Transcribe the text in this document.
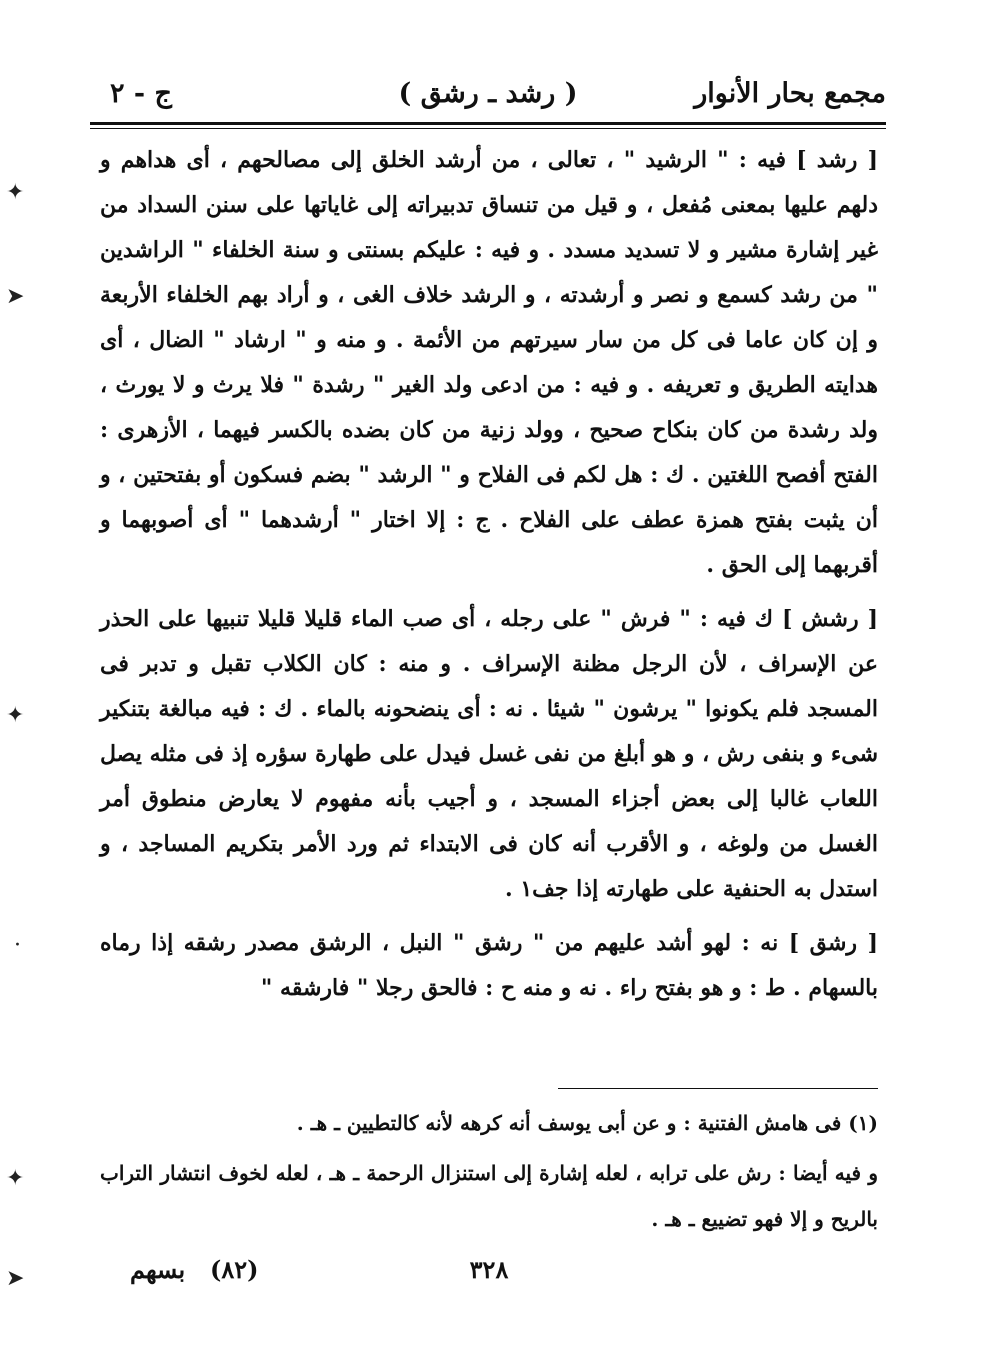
مجمع بحار الأنوار
( رشد ـ رشق )
ج - ٢

[ رشد ] فيه : " الرشيد " ، تعالى ، من أرشد الخلق إلى مصالحهم ، أى هداهم و دلهم عليها بمعنى مُفعل ، و قيل من تنساق تدبيراته إلى غاياتها على سنن السداد من غير إشارة مشير و لا تسديد مسدد . و فيه : عليكم بسنتى و سنة الخلفاء " الراشدين " من رشد كسمع و نصر و أرشدته ، و الرشد خلاف الغى ، و أراد بهم الخلفاء الأربعة و إن كان عاما فى كل من سار سيرتهم من الأئمة . و منه و " ارشاد " الضال ، أى هدايته الطريق و تعريفه . و فيه : من ادعى ولد الغير " رشدة " فلا يرث و لا يورث ، ولد رشدة من كان بنكاح صحيح ، وولد زنية من كان بضده بالكسر فيهما ، الأزهرى : الفتح أفصح اللغتين . ك : هل لكم فى الفلاح و " الرشد " بضم فسكون أو بفتحتين ، و أن يثبت بفتح همزة عطف على الفلاح . ج : إلا اختار " أرشدهما " أى أصوبهما و أقربهما إلى الحق .

[ رشش ] ك فيه : " فرش " على رجله ، أى صب الماء قليلا قليلا تنبيها على الحذر عن الإسراف ، لأن الرجل مظنة الإسراف . و منه : كان الكلاب تقبل و تدبر فى المسجد فلم يكونوا " يرشون " شيئا . نه : أى ينضحونه بالماء . ك : فيه مبالغة بتنكير شىء و بنفى رش ، و هو أبلغ من نفى غسل فيدل على طهارة سؤره إذ فى مثله يصل اللعاب غالبا إلى بعض أجزاء المسجد ، و أجيب بأنه مفهوم لا يعارض منطوق أمر الغسل من ولوغه ، و الأقرب أنه كان فى الابتداء ثم ورد الأمر بتكريم المساجد ، و استدل به الحنفية على طهارته إذا جف١ .

[ رشق ] نه : لهو أشد عليهم من " رشق " النبل ، الرشق مصدر رشقه إذا رماه بالسهام . ط : و هو بفتح راء . نه و منه ح : فالحق رجلا " فارشقه "

(١) فى هامش الفتنية : و عن أبى يوسف أنه كرهه لأنه كالتطيين ـ هـ .

و فيه أيضا : رش على ترابه ، لعله إشارة إلى استنزال الرحمة ـ هـ ، لعله لخوف انتشار التراب بالريح و إلا فهو تضييع ـ هـ .

٣٢٨
(٨٢)
بسهم
✦
➤
✦
·
✦
➤
